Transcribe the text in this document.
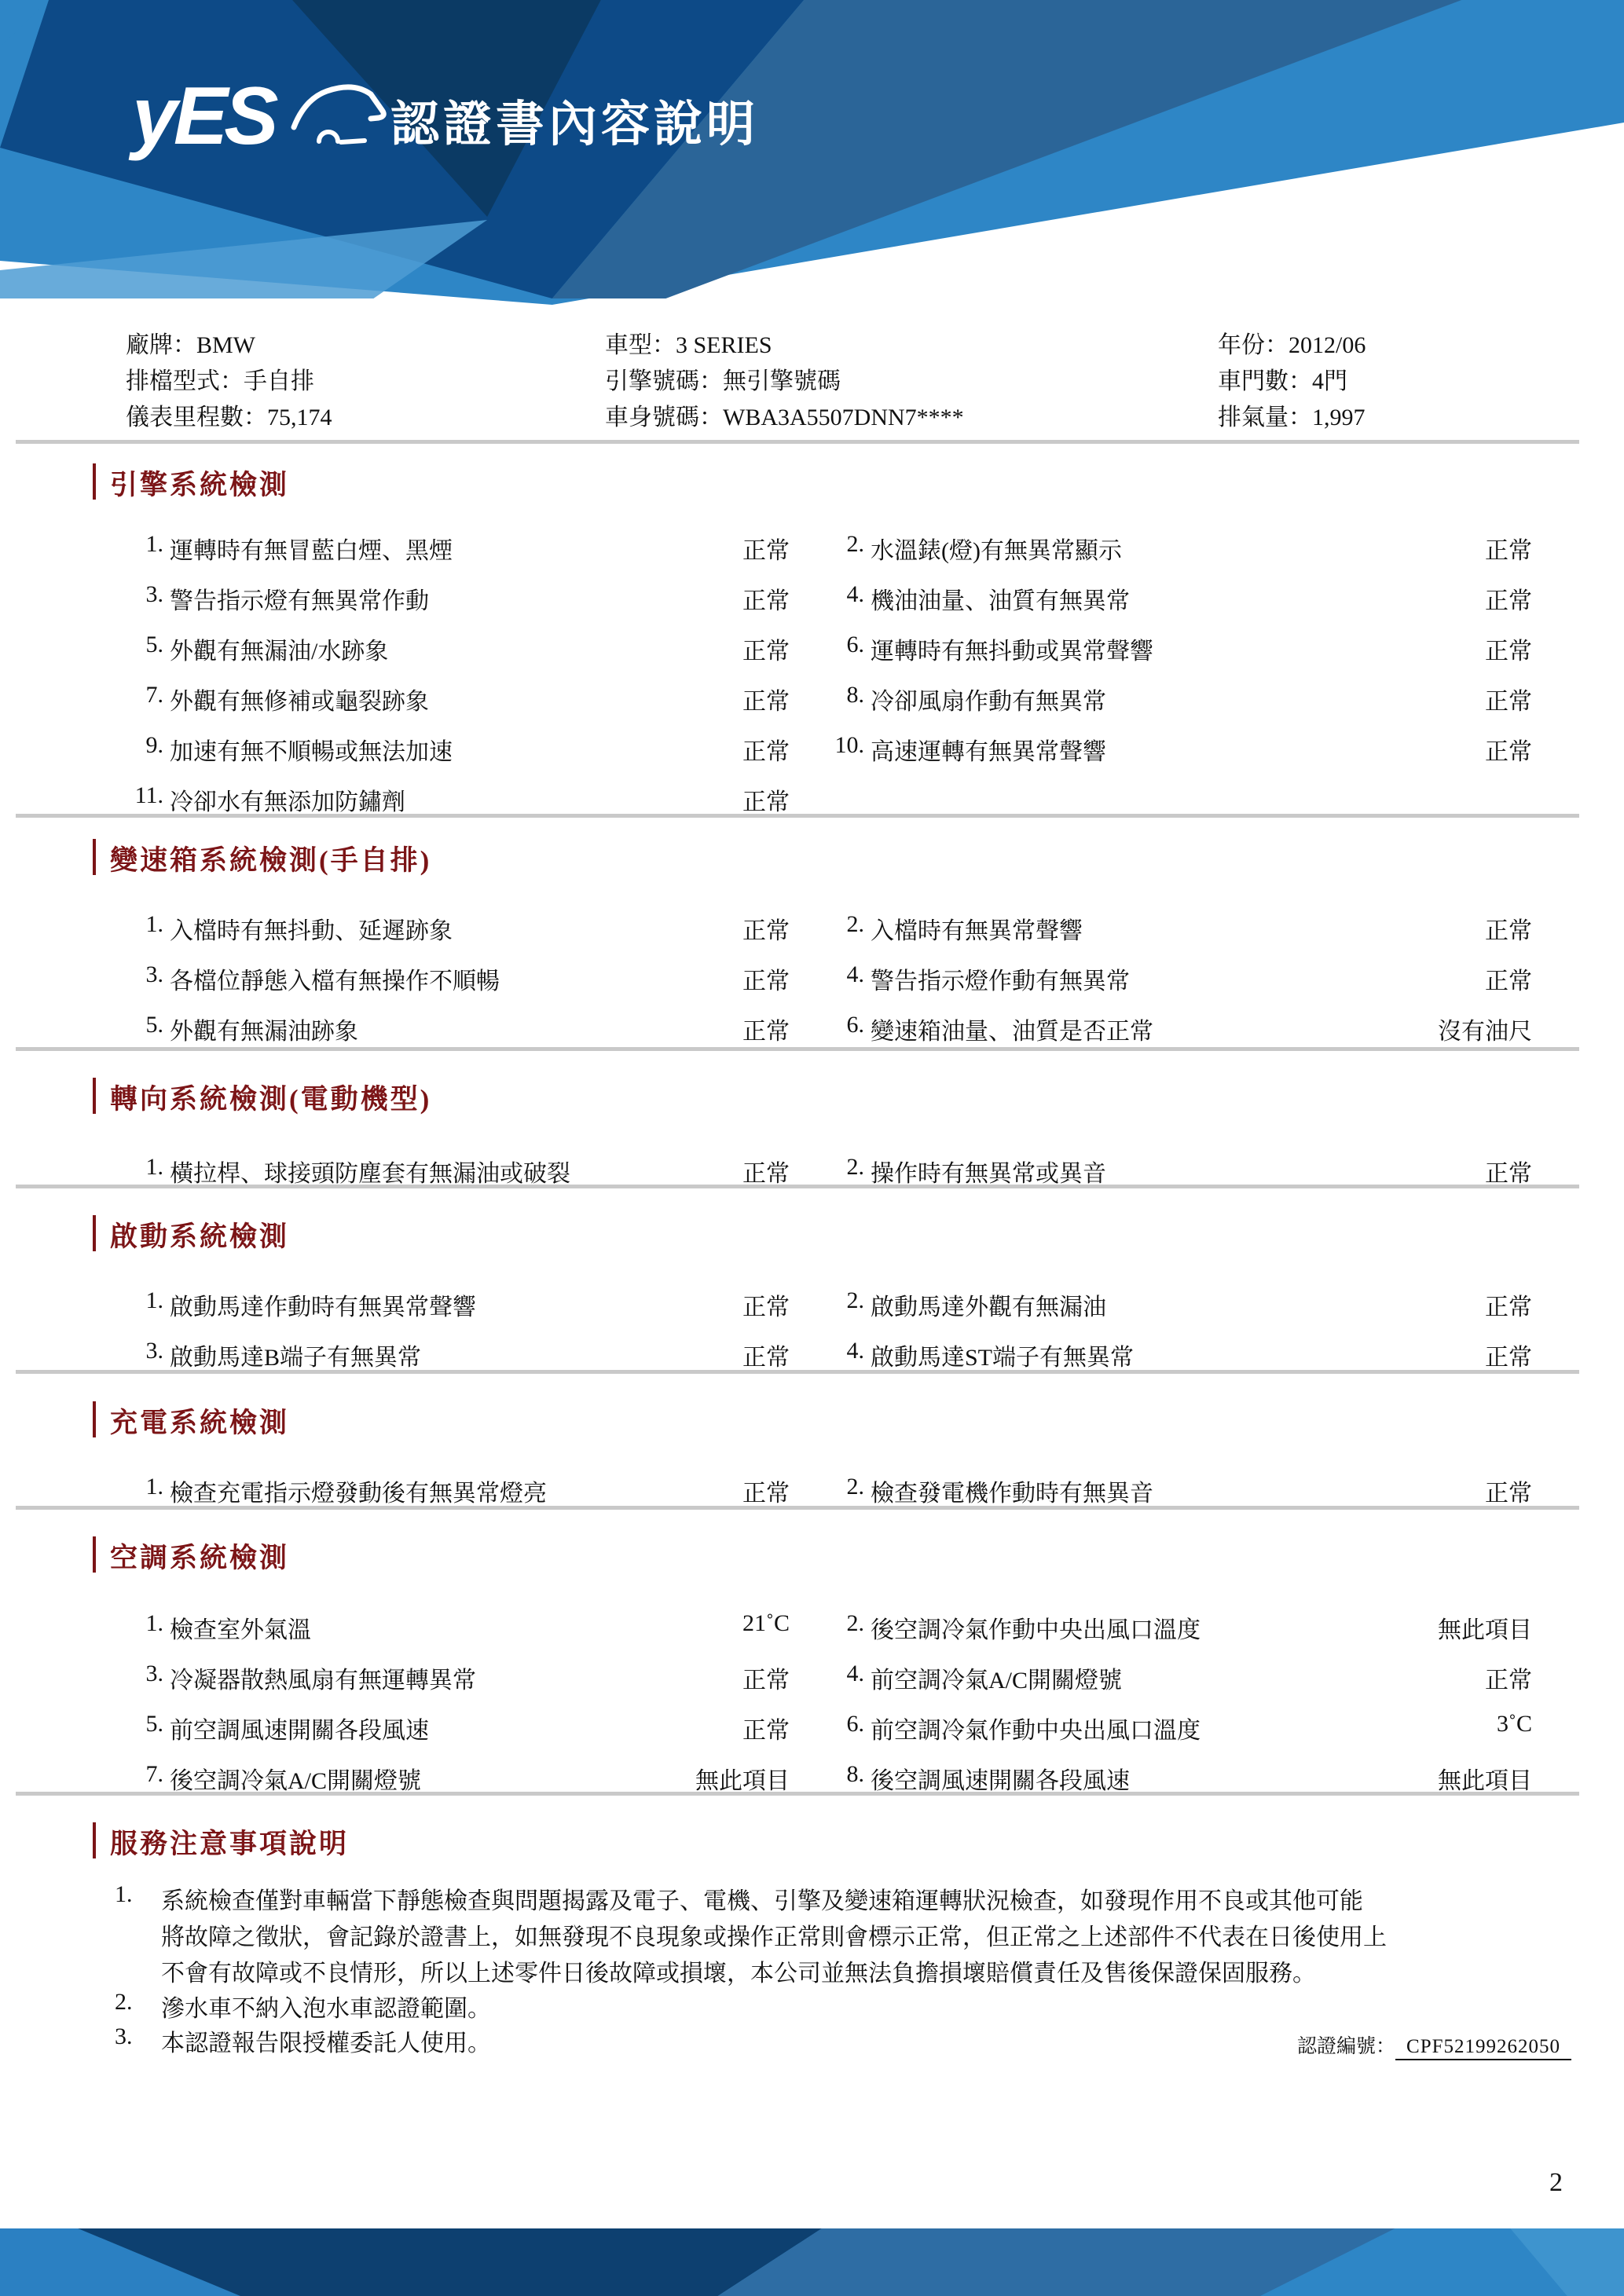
yES 認證書內容說明
廠牌：BMW	車型：3 SERIES	年份：2012/06
排檔型式：手自排	引擎號碼：無引擎號碼	車門數：4門
儀表里程數：75,174	車身號碼：WBA3A5507DNN7****	排氣量：1,997
引擎系統檢測
1. 運轉時有無冒藍白煙、黑煙	正常	2. 水溫錶(燈)有無異常顯示	正常
3. 警告指示燈有無異常作動	正常	4. 機油油量、油質有無異常	正常
5. 外觀有無漏油/水跡象	正常	6. 運轉時有無抖動或異常聲響	正常
7. 外觀有無修補或龜裂跡象	正常	8. 冷卻風扇作動有無異常	正常
9. 加速有無不順暢或無法加速	正常	10. 高速運轉有無異常聲響	正常
11. 冷卻水有無添加防鏽劑	正常
變速箱系統檢測(手自排)
1. 入檔時有無抖動、延遲跡象	正常	2. 入檔時有無異常聲響	正常
3. 各檔位靜態入檔有無操作不順暢	正常	4. 警告指示燈作動有無異常	正常
5. 外觀有無漏油跡象	正常	6. 變速箱油量、油質是否正常	沒有油尺
轉向系統檢測(電動機型)
1. 橫拉桿、球接頭防塵套有無漏油或破裂	正常	2. 操作時有無異常或異音	正常
啟動系統檢測
1. 啟動馬達作動時有無異常聲響	正常	2. 啟動馬達外觀有無漏油	正常
3. 啟動馬達B端子有無異常	正常	4. 啟動馬達ST端子有無異常	正常
充電系統檢測
1. 檢查充電指示燈發動後有無異常燈亮	正常	2. 檢查發電機作動時有無異音	正常
空調系統檢測
1. 檢查室外氣溫	21˚C	2. 後空調冷氣作動中央出風口溫度	無此項目
3. 冷凝器散熱風扇有無運轉異常	正常	4. 前空調冷氣A/C開關燈號	正常
5. 前空調風速開關各段風速	正常	6. 前空調冷氣作動中央出風口溫度	3˚C
7. 後空調冷氣A/C開關燈號	無此項目	8. 後空調風速開關各段風速	無此項目
服務注意事項說明
1.	系統檢查僅對車輛當下靜態檢查與問題揭露及電子、電機、引擎及變速箱運轉狀況檢查，如發現作用不良或其他可能
將故障之徵狀，會記錄於證書上，如無發現不良現象或操作正常則會標示正常，但正常之上述部件不代表在日後使用上
不會有故障或不良情形，所以上述零件日後故障或損壞，本公司並無法負擔損壞賠償責任及售後保證保固服務。
2.	滲水車不納入泡水車認證範圍。
3.	本認證報告限授權委託人使用。	認證編號： CPF52199262050
2
